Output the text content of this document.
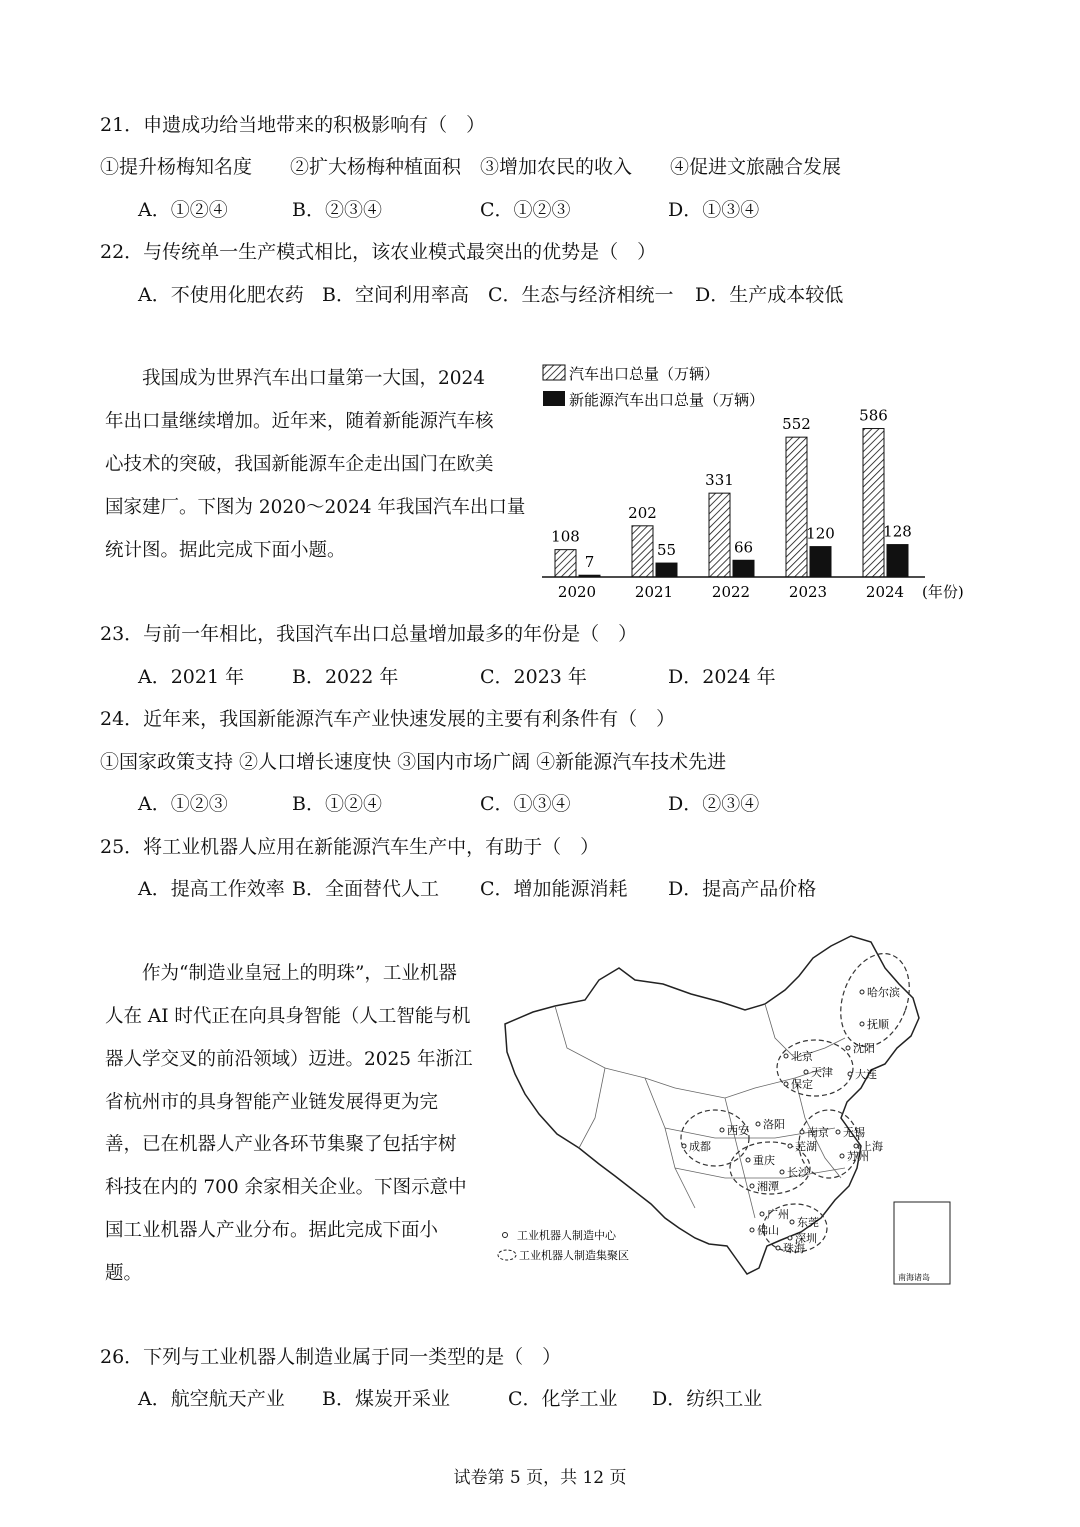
21．申遗成功给当地带来的积极影响有（　）
①提升杨梅知名度　　②扩大杨梅种植面积　③增加农民的收入　　④促进文旅融合发展
A．①②④	B．②③④	C．①②③	D．①③④
22．与传统单一生产模式相比，该农业模式最突出的优势是（　）
A．不使用化肥农药 B．空间利用率高 C．生态与经济相统一 D．生产成本较低
　　我国成为世界汽车出口量第一大国，2024
年出口量继续增加。近年来，随着新能源汽车核
心技术的突破，我国新能源车企走出国门在欧美
国家建厂。下图为 2020～2024 年我国汽车出口量
统计图。据此完成下面小题。
汽车出口总量（万辆）
新能源汽车出口总量（万辆）
108
7
2020
202
55
2021
331
66
2022
552
120
2023
586
128
2024 (年份)
23．与前一年相比，我国汽车出口总量增加最多的年份是（　）
A．2021 年	B．2022 年	C．2023 年	D．2024 年
24．近年来，我国新能源汽车产业快速发展的主要有利条件有（　）
①国家政策支持 ②人口增长速度快 ③国内市场广阔 ④新能源汽车技术先进
A．①②③	B．①②④	C．①③④	D．②③④
25．将工业机器人应用在新能源汽车生产中，有助于（　）
A．提高工作效率 B．全面替代人工 C．增加能源消耗 D．提高产品价格
　　作为“制造业皇冠上的明珠”，工业机器
人在 AI 时代正在向具身智能（人工智能与机
器人学交叉的前沿领域）迈进。2025 年浙江
省杭州市的具身智能产业链发展得更为完
善，已在机器人产业各环节集聚了包括宇树
科技在内的 700 余家相关企业。下图示意中
国工业机器人产业分布。据此完成下面小
题。
哈尔滨
抚顺
沈阳
北京
大连
天津
保定
西安 洛阳
南京 无锡
上海
芜湖
苏州
成都
重庆
长沙
湘潭
广州
东莞
佛山
深圳
珠海
南海诸岛
工业机器人制造中心
工业机器人制造集聚区
26．下列与工业机器人制造业属于同一类型的是（　）
A．航空航天产业 B．煤炭开采业	C．化学工业 D．纺织工业
试卷第 5 页，共 12 页
